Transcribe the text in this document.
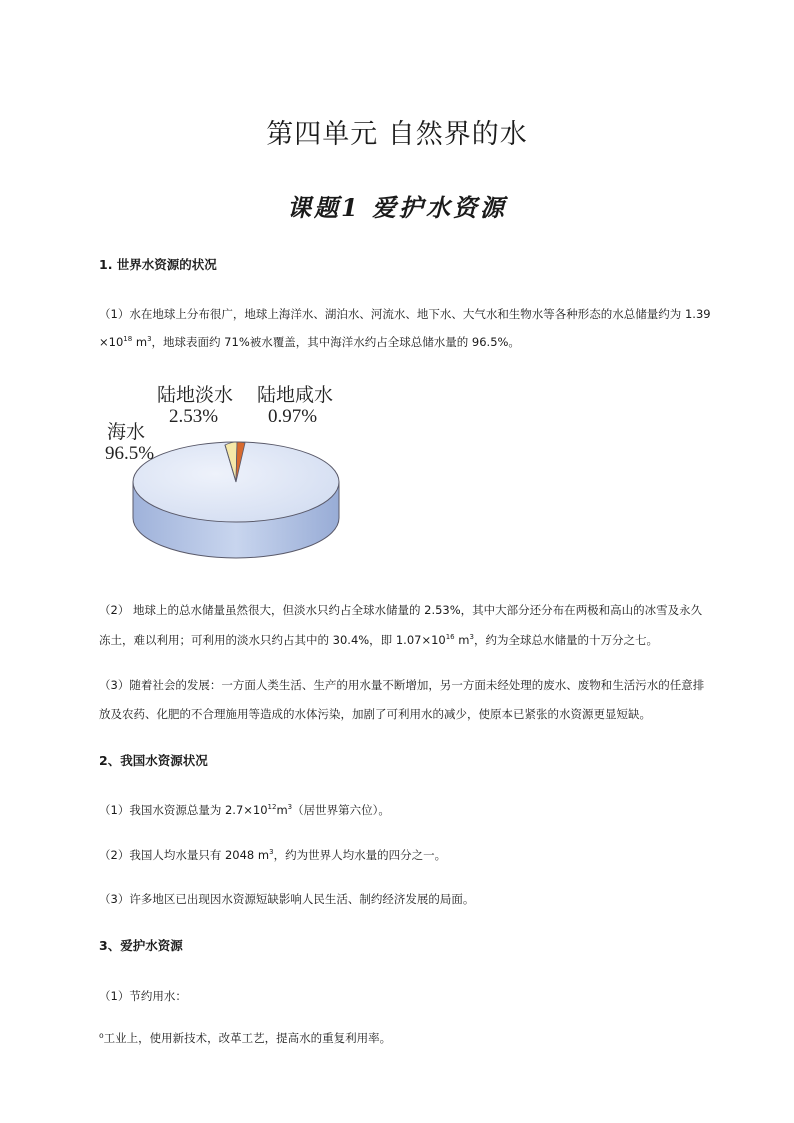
第四单元 自然界的水
课题1 爱护水资源
1. 世界水资源的状况
（1）水在地球上分布很广，地球上海洋水、湖泊水、河流水、地下水、大气水和生物水等各种形态的水总储量约为 1.39
$\times 10^{18}$ $m^3$，地球表面约 71%被水覆盖，其中海洋水约占全球总储水量的 96.5%。
海水
96.5%
陆地淡水
2.53%
陆地咸水
0.97%
（2） 地球上的总水储量虽然很大，但淡水只约占全球水储量的 2.53%，其中大部分还分布在两极和高山的冰雪及永久
冻土，难以利用；可利用的淡水只约占其中的 30.4%，即 $1.07\times 10^{16}$ $m^3$，约为全球总水储量的十万分之七。
（3）随着社会的发展：一方面人类生活、生产的用水量不断增加，另一方面未经处理的废水、废物和生活污水的任意排
放及农药、化肥的不合理施用等造成的水体污染，加剧了可利用水的减少，使原本已紧张的水资源更显短缺。
2、我国水资源状况
（1）我国水资源总量为 $2.7\times 10^{12}m^3$（居世界第六位）。
（2）我国人均水量只有 2048 $m^3$，约为世界人均水量的四分之一。
（3）许多地区已出现因水资源短缺影响人民生活、制约经济发展的局面。
3、爱护水资源
（1）节约用水：
⁰工业上，使用新技术，改革工艺，提高水的重复利用率。
